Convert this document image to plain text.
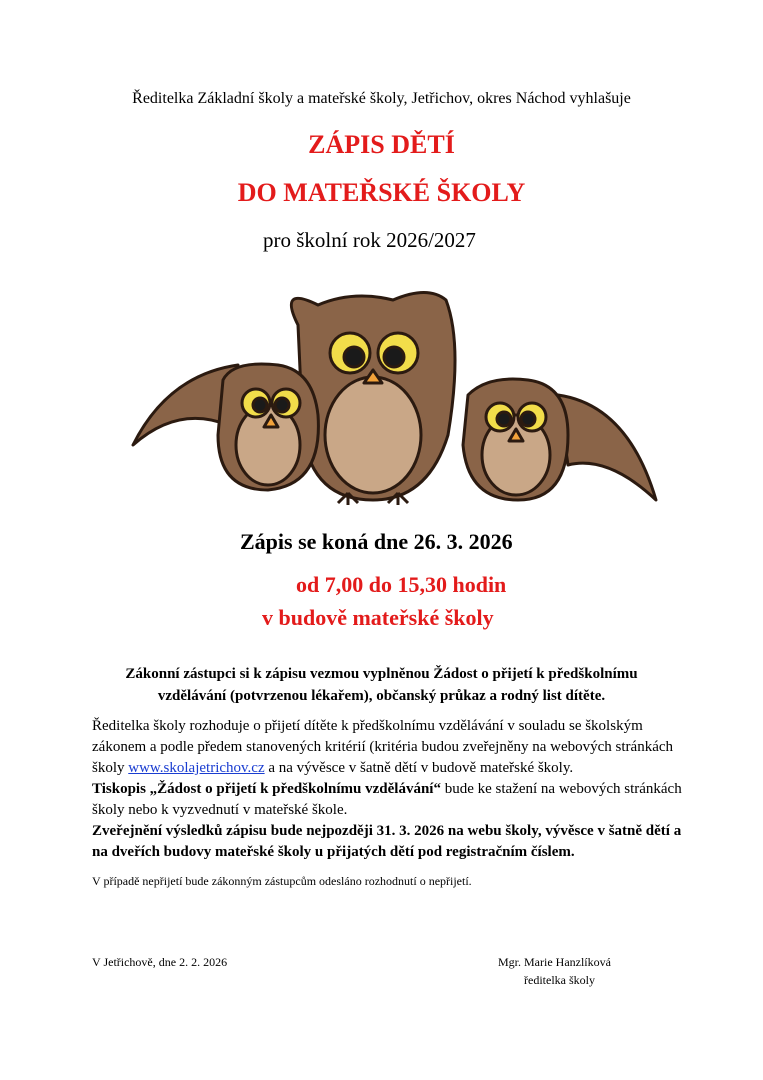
Ředitelka Základní školy a mateřské školy, Jetřichov, okres Náchod vyhlašuje
ZÁPIS DĚTÍ
DO MATEŘSKÉ ŠKOLY
pro školní rok 2026/2027
Zápis se koná dne 26. 3. 2026
od 7,00 do 15,30 hodin
v budově mateřské školy
Zákonní zástupci si k zápisu vezmou vyplněnou Žádost o přijetí k předškolnímu
vzdělávání (potvrzenou lékařem), občanský průkaz a rodný list dítěte.
Ředitelka školy rozhoduje o přijetí dítěte k předškolnímu vzdělávání v souladu se školským zákonem a podle předem stanovených kritérií (kritéria budou zveřejněny na webových stránkách školy www.skolajetrichov.cz a na vývěsce v šatně dětí v budově mateřské školy.
Tiskopis „Žádost o přijetí k předškolnímu vzdělávání“ bude ke stažení na webových stránkách školy nebo k vyzvednutí v mateřské škole.
Zveřejnění výsledků zápisu bude nejpozději 31. 3. 2026 na webu školy, vývěsce v šatně dětí a na dveřích budovy mateřské školy u přijatých dětí pod registračním číslem.
V případě nepřijetí bude zákonným zástupcům odesláno rozhodnutí o nepřijetí.
V Jetřichově, dne 2. 2. 2026	Mgr. Marie Hanzlíková
ředitelka školy
